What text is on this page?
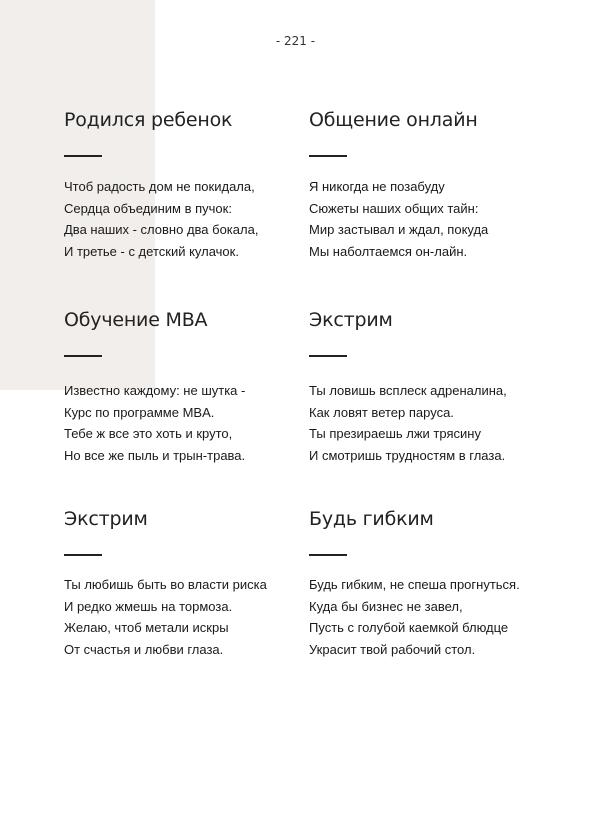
- 221 -
Родился ребенок
Чтоб радость дом не покидала,
Сердца объединим в пучок:
Два наших - словно два бокала,
И третье - с детский кулачок.
Общение онлайн
Я никогда не позабуду
Сюжеты наших общих тайн:
Мир застывал и ждал, покуда
Мы наболтаемся он-лайн.
Обучение MBA
Известно каждому: не шутка -
Курс по программе MBA.
Тебе ж все это хоть и круто,
Но все же пыль и трын-трава.
Экстрим
Ты ловишь всплеск адреналина,
Как ловят ветер паруса.
Ты презираешь лжи трясину
И смотришь трудностям в глаза.
Экстрим
Ты любишь быть во власти риска
И редко жмешь на тормоза.
Желаю, чтоб метали искры
От счастья и любви глаза.
Будь гибким
Будь гибким, не спеша прогнуться.
Куда бы бизнес не завел,
Пусть с голубой каемкой блюдце
Украсит твой рабочий стол.
